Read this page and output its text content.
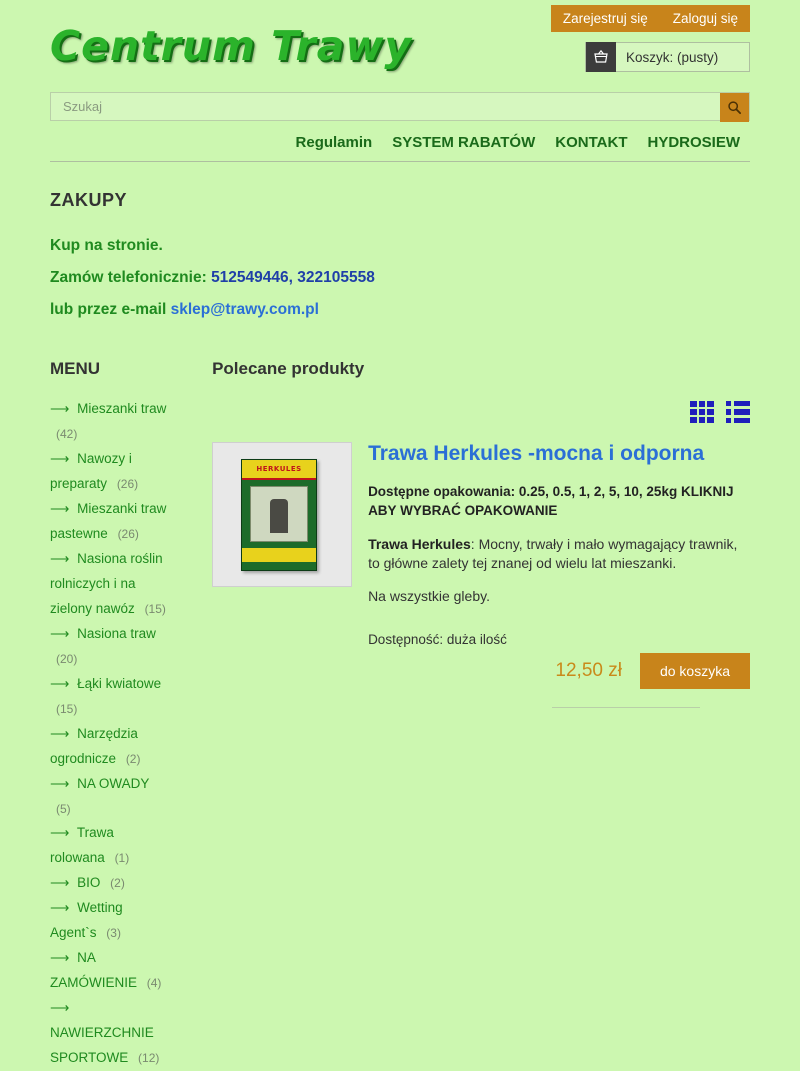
Zarejestruj się	Zaloguj się
Centrum Trawy	Koszyk: (pusty)
Szukaj
Regulamin	SYSTEM RABATÓW	KONTAKT	HYDROSIEW
ZAKUPY

Kup na stronie.

Zamów telefonicznie: 512549446, 322105558

lub przez e-mail sklep@trawy.com.pl

MENU
⟶ Mieszanki traw (42)
⟶ Nawozy i preparaty (26)
⟶ Mieszanki traw pastewne (26)
⟶ Nasiona roślin rolniczych i na zielony nawóz (15)
⟶ Nasiona traw (20)
⟶ Łąki kwiatowe (15)
⟶ Narzędzia ogrodnicze (2)
⟶ NA OWADY (5)
⟶ Trawa rolowana (1)
⟶ BIO (2)
⟶ Wetting Agent`s (3)
⟶ NA ZAMÓWIENIE (4)
⟶ NAWIERZCHNIE SPORTOWE (12)
Polecane produkty
HERKULES
Trawa Herkules -mocna i odporna

Dostępne opakowania: 0.25, 0.5, 1, 2, 5, 10, 25kg KLIKNIJ ABY WYBRAĆ OPAKOWANIE

Trawa Herkules: Mocny, trwały i mało wymagający trawnik, to główne zalety tej znanej od wielu lat mieszanki.

Na wszystkie gleby.

Dostępność: duża ilość

12,50 zł	do koszyka
